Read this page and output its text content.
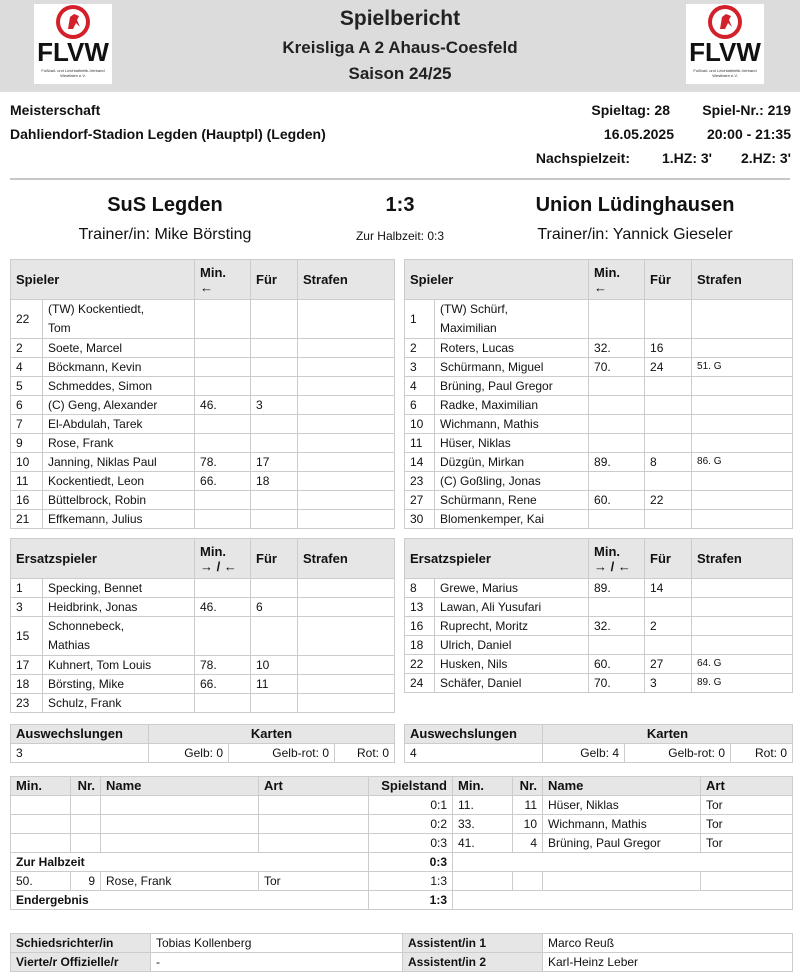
FLVW
Fußball- und Leichtathletik-Verband Westfalen e.V.
Spielbericht
Kreisliga A 2 Ahaus-Coesfeld
Saison 24/25
FLVW
Fußball- und Leichtathletik-Verband Westfalen e.V.
Meisterschaft
Dahliendorf-Stadion Legden (Hauptpl) (Legden)
Spieltag: 28	Spiel-Nr.: 219
16.05.2025	20:00 - 21:35
Nachspielzeit:	1.HZ: 3'	2.HZ: 3'
SuS Legden	1:3	Union Lüdinghausen
Trainer/in: Mike Börsting	Zur Halbzeit: 0:3	Trainer/in: Yannick Gieseler
Spieler		Min.
←	Für	Strafen
22	(TW) Kockentiedt,
Tom			
2	Soete, Marcel			
4	Böckmann, Kevin			
5	Schmeddes, Simon			
6	(C) Geng, Alexander	46.	3	
7	El-Abdulah, Tarek			
9	Rose, Frank			
10	Janning, Niklas Paul	78.	17	
11	Kockentiedt, Leon	66.	18	
16	Büttelbrock, Robin			
21	Effkemann, Julius			
Spieler		Min.
←	Für	Strafen
1	(TW) Schürf,
Maximilian			
2	Roters, Lucas	32.	16	
3	Schürmann, Miguel	70.	24	51. G
4	Brüning, Paul Gregor			
6	Radke, Maximilian			
10	Wichmann, Mathis			
11	Hüser, Niklas			
14	Düzgün, Mirkan	89.	8	86. G
23	(C) Goßling, Jonas			
27	Schürmann, Rene	60.	22	
30	Blomenkemper, Kai			
Ersatzspieler		Min.
→ / ←	Für	Strafen
1	Specking, Bennet			
3	Heidbrink, Jonas	46.	6	
15	Schonnebeck,
Mathias			
17	Kuhnert, Tom Louis	78.	10	
18	Börsting, Mike	66.	11	
23	Schulz, Frank			
Ersatzspieler		Min.
→ / ←	Für	Strafen
8	Grewe, Marius	89.	14	
13	Lawan, Ali Yusufari			
16	Ruprecht, Moritz	32.	2	
18	Ulrich, Daniel			
22	Husken, Nils	60.	27	64. G
24	Schäfer, Daniel	70.	3	89. G
Auswechslungen	Karten		
3	Gelb: 0	Gelb-rot: 0	Rot: 0
Auswechslungen	Karten		
4	Gelb: 4	Gelb-rot: 0	Rot: 0
Min.	Nr.	Name	Art	Spielstand	Min.	Nr.	Name	Art
				0:1	11.	11	Hüser, Niklas	Tor
				0:2	33.	10	Wichmann, Mathis	Tor
				0:3	41.	4	Brüning, Paul Gregor	Tor
Zur Halbzeit				0:3				
50.	9	Rose, Frank	Tor	1:3				
Endergebnis				1:3				
Schiedsrichter/in	Tobias Kollenberg	Assistent/in 1	Marco Reuß
Vierte/r Offizielle/r	-	Assistent/in 2	Karl-Heinz Leber
